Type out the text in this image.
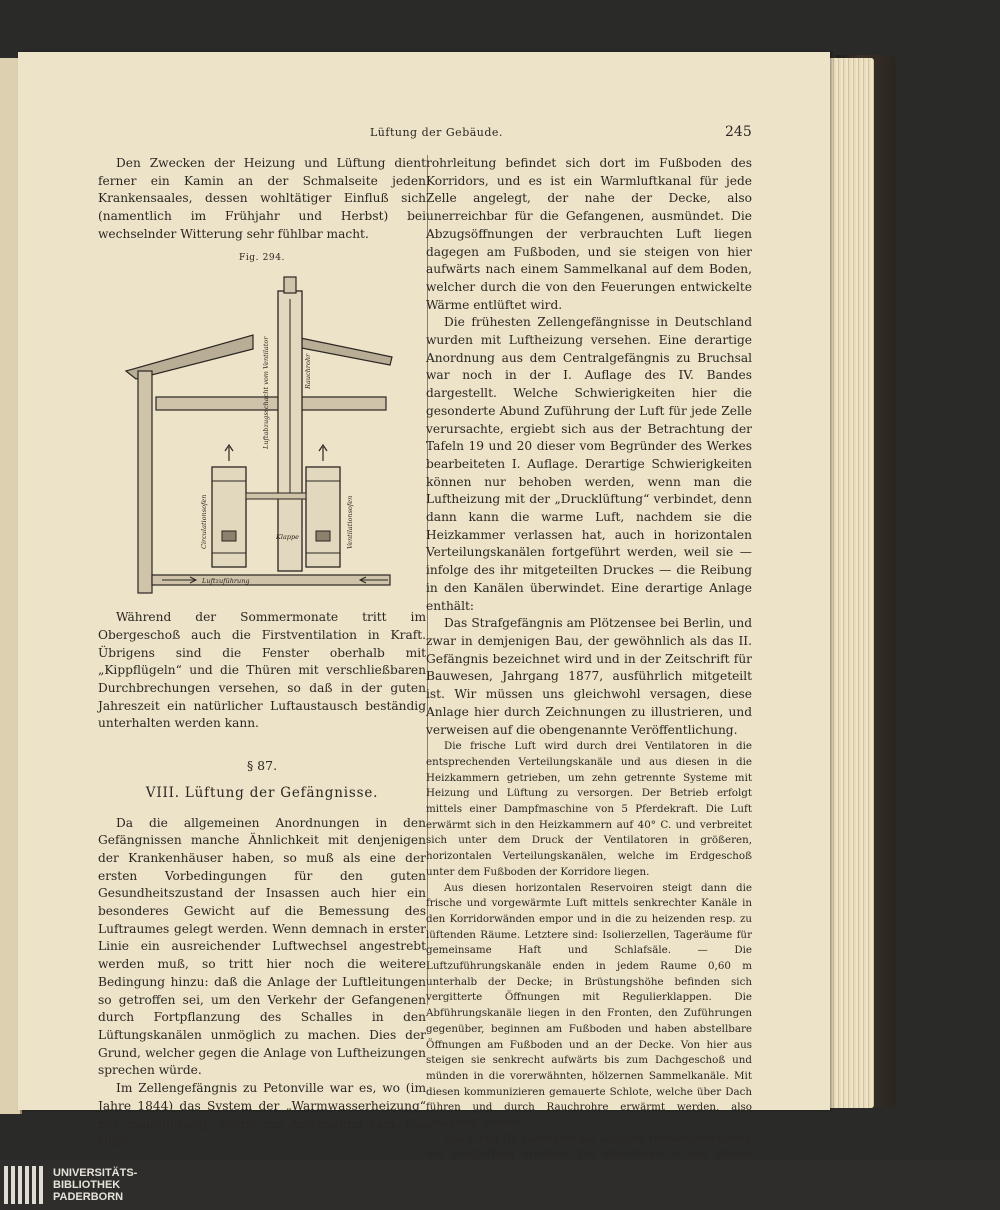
Lüftung der Gebäude.	245

Den Zwecken der Heizung und Lüftung dient ferner ein Kamin an der Schmalseite jeden Krankensaales, dessen wohltätiger Einfluß sich (namentlich im Frühjahr und Herbst) bei wechselnder Witterung sehr fühlbar macht.

Fig. 294.
Luftabzugsschacht vom Ventilator	Rauchrohr
Circulationsofen	Ventilationsofen
Klappe
Luftzuführung

Während der Sommermonate tritt im Obergeschoß auch die Firstventilation in Kraft. Übrigens sind die Fenster oberhalb mit „Kippflügeln“ und die Thüren mit verschließbaren Durchbrechungen versehen, so daß in der guten Jahreszeit ein natürlicher Luftaustausch beständig unterhalten werden kann.

§ 87.
VIII. Lüftung der Gefängnisse.

Da die allgemeinen Anordnungen in den Gefängnissen manche Ähnlichkeit mit denjenigen der Krankenhäuser haben, so muß als eine der ersten Vorbedingungen für den guten Gesundheitszustand der Insassen auch hier ein besonderes Gewicht auf die Bemessung des Luftraumes gelegt werden. Wenn demnach in erster Linie ein ausreichender Luftwechsel angestrebt werden muß, so tritt hier noch die weitere Bedingung hinzu: daß die Anlage der Luftleitungen so getroffen sei, um den Verkehr der Gefangenen durch Fortpflanzung des Schalles in den Lüftungskanälen unmöglich zu machen. Dies der Grund, welcher gegen die Anlage von Luftheizungen sprechen würde.

Im Zellengefängnis zu Petonville war es, wo (im Jahre 1844) das System der „Warmwasserheizung“ mit „Sauglüftung“ zuerst zur Anwendung kam. Die Heiz-

rohrleitung befindet sich dort im Fußboden des Korridors, und es ist ein Warmluftkanal für jede Zelle angelegt, der nahe der Decke, also unerreichbar für die Gefangenen, ausmündet. Die Abzugsöffnungen der verbrauchten Luft liegen dagegen am Fußboden, und sie steigen von hier aufwärts nach einem Sammelkanal auf dem Boden, welcher durch die von den Feuerungen entwickelte Wärme entlüftet wird.

Die frühesten Zellengefängnisse in Deutschland wurden mit Luftheizung versehen. Eine derartige Anordnung aus dem Centralgefängnis zu Bruchsal war noch in der I. Auflage des IV. Bandes dargestellt. Welche Schwierigkeiten hier die gesonderte Abund Zuführung der Luft für jede Zelle verursachte, ergiebt sich aus der Betrachtung der Tafeln 19 und 20 dieser vom Begründer des Werkes bearbeiteten I. Auflage. Derartige Schwierigkeiten können nur behoben werden, wenn man die Luftheizung mit der „Drucklüftung“ verbindet, denn dann kann die warme Luft, nachdem sie die Heizkammer verlassen hat, auch in horizontalen Verteilungskanälen fortgeführt werden, weil sie — infolge des ihr mitgeteilten Druckes — die Reibung in den Kanälen überwindet. Eine derartige Anlage enthält:

Das Strafgefängnis am Plötzensee bei Berlin, und zwar in demjenigen Bau, der gewöhnlich als das II. Gefängnis bezeichnet wird und in der Zeitschrift für Bauwesen, Jahrgang 1877, ausführlich mitgeteilt ist. Wir müssen uns gleichwohl versagen, diese Anlage hier durch Zeichnungen zu illustrieren, und verweisen auf die obengenannte Veröffentlichung.

Die frische Luft wird durch drei Ventilatoren in die entsprechenden Verteilungskanäle und aus diesen in die Heizkammern getrieben, um zehn getrennte Systeme mit Heizung und Lüftung zu versorgen. Der Betrieb erfolgt mittels einer Dampfmaschine von 5 Pferdekraft. Die Luft erwärmt sich in den Heizkammern auf 40° C. und verbreitet sich unter dem Druck der Ventilatoren in größeren, horizontalen Verteilungskanälen, welche im Erdgeschoß unter dem Fußboden der Korridore liegen.

Aus diesen horizontalen Reservoiren steigt dann die frische und vorgewärmte Luft mittels senkrechter Kanäle in den Korridorwänden empor und in die zu heizenden resp. zu lüftenden Räume. Letztere sind: Isolierzellen, Tageräume für gemeinsame Haft und Schlafsäle. — Die Luftzuführungskanäle enden in jedem Raume 0,60 m unterhalb der Decke; in Brüstungshöhe befinden sich vergitterte Öffnungen mit Regulierklappen. Die Abführungskanäle liegen in den Fronten, den Zuführungen gegenüber, beginnen am Fußboden und haben abstellbare Öffnungen am Fußboden und an der Decke. Von hier aus steigen sie senkrecht aufwärts bis zum Dachgeschoß und münden in die vorerwähnten, hölzernen Sammelkanäle. Mit diesen kommunizieren gemauerte Schlote, welche über Dach führen und durch Rauchrohre erwärmt werden, also „saugend“ wirken.

Das I. und III. Gefängnis hat dagegen Heißwasserheizung mit Sauglüftung erhalten. Die Heizröhren in den Etagen

UNIVERSITÄTS-
BIBLIOTHEK
PADERBORN
